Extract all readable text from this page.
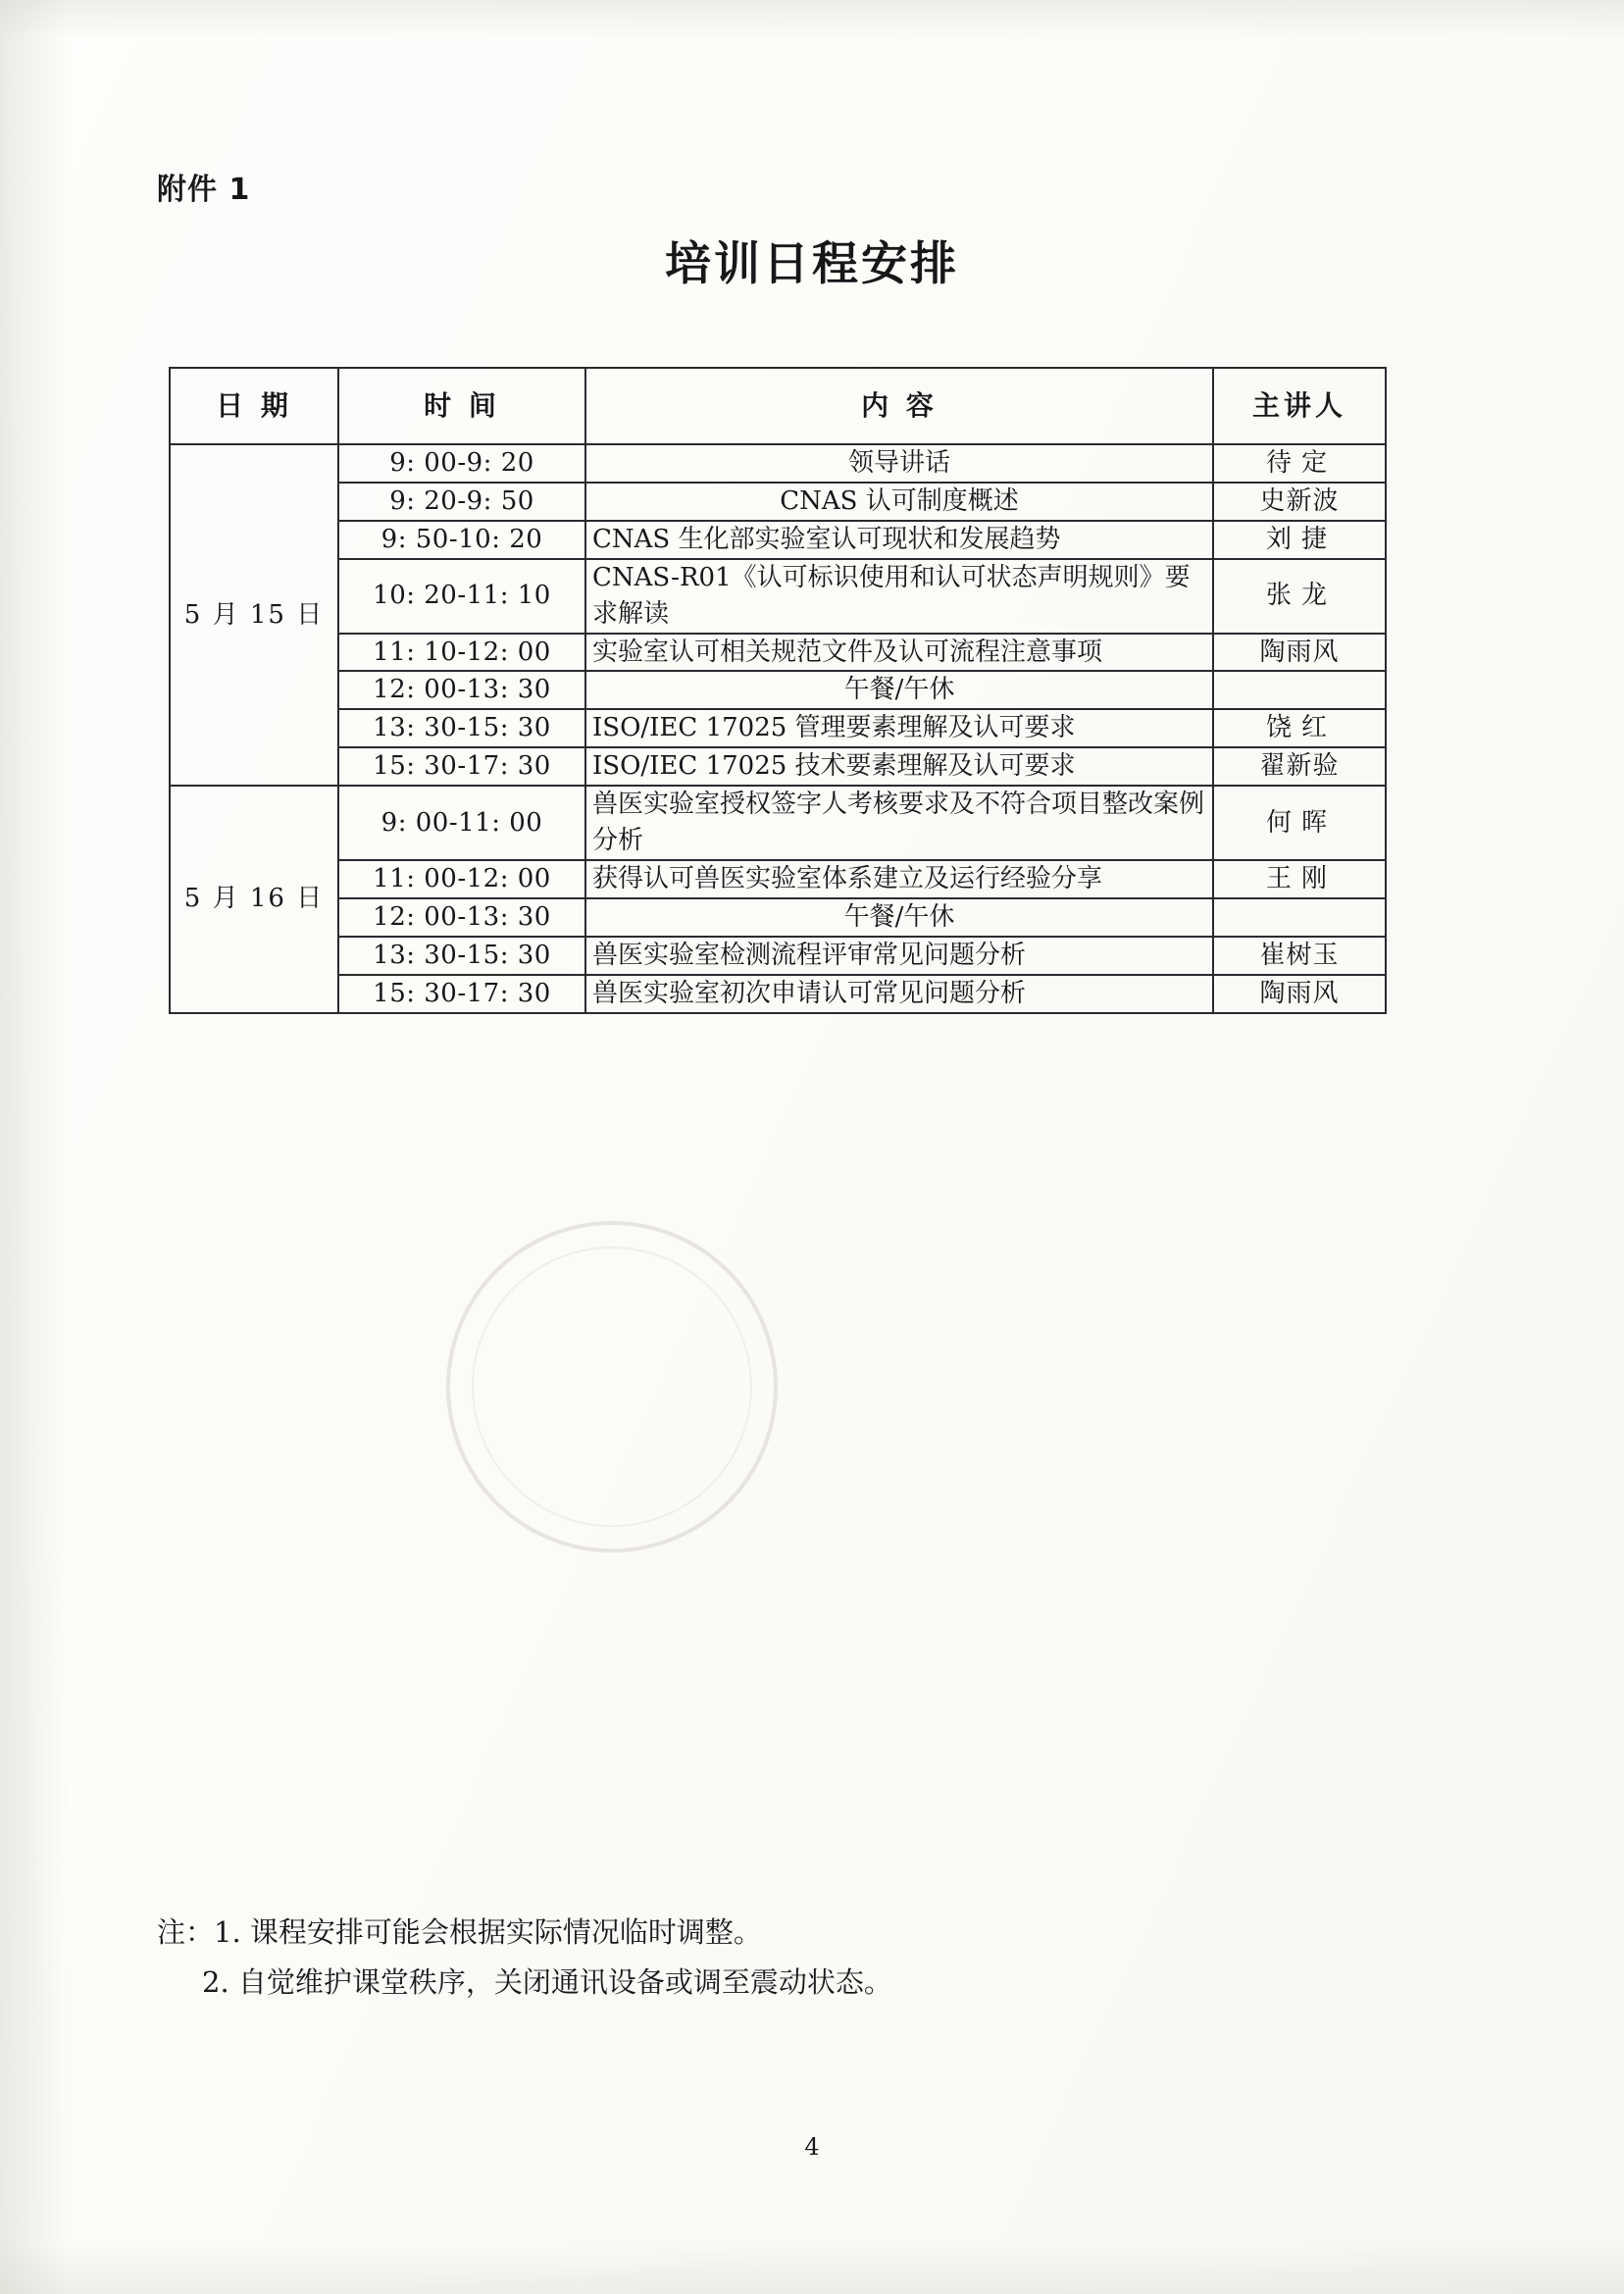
附件 1
培训日程安排
日 期	时 间	内 容	主讲人
5 月 15 日	9: 00-9: 20	领导讲话	待定
	9: 20-9: 50	CNAS 认可制度概述	史新波
	9: 50-10: 20	CNAS 生化部实验室认可现状和发展趋势	刘捷
	10: 20-11: 10	CNAS-R01《认可标识使用和认可状态声明规则》要求解读	张龙
	11: 10-12: 00	实验室认可相关规范文件及认可流程注意事项	陶雨风
	12: 00-13: 30	午餐/午休	
	13: 30-15: 30	ISO/IEC 17025 管理要素理解及认可要求	饶红
	15: 30-17: 30	ISO/IEC 17025 技术要素理解及认可要求	翟新验
5 月 16 日	9: 00-11: 00	兽医实验室授权签字人考核要求及不符合项目整改案例分析	何晖
	11: 00-12: 00	获得认可兽医实验室体系建立及运行经验分享	王刚
	12: 00-13: 30	午餐/午休	
	13: 30-15: 30	兽医实验室检测流程评审常见问题分析	崔树玉
	15: 30-17: 30	兽医实验室初次申请认可常见问题分析	陶雨风
注：1. 课程安排可能会根据实际情况临时调整。
2. 自觉维护课堂秩序，关闭通讯设备或调至震动状态。
4
